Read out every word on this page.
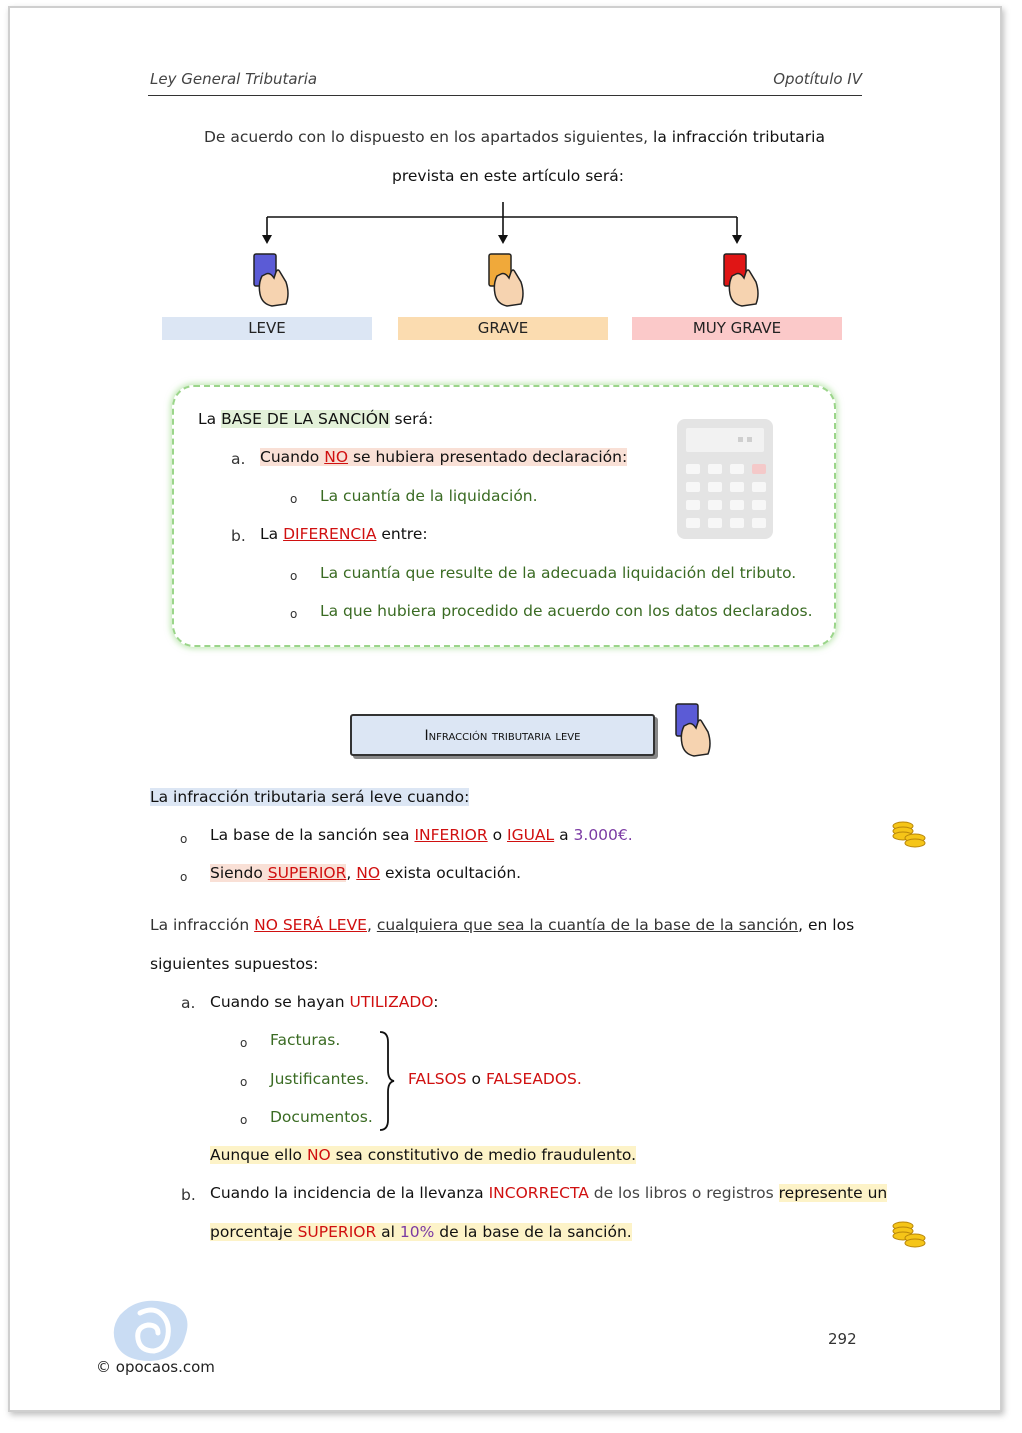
Ley General Tributaria	Opotítulo IV
De acuerdo con lo dispuesto en los apartados siguientes, la infracción tributaria
prevista en este artículo será:
LEVE	GRAVE	MUY GRAVE
La BASE DE LA SANCIÓN será:
a. Cuando NO se hubiera presentado declaración:
o La cuantía de la liquidación.
b. La DIFERENCIA entre:
o La cuantía que resulte de la adecuada liquidación del tributo.
o La que hubiera procedido de acuerdo con los datos declarados.
Infracción tributaria leve
La infracción tributaria será leve cuando:
o La base de la sanción sea INFERIOR o IGUAL a 3.000€.
o Siendo SUPERIOR, NO exista ocultación.
La infracción NO SERÁ LEVE, cualquiera que sea la cuantía de la base de la sanción, en los
siguientes supuestos:
a. Cuando se hayan UTILIZADO:
o Facturas.
o Justificantes.
o Documentos.
FALSOS o FALSEADOS.
Aunque ello NO sea constitutivo de medio fraudulento.
b. Cuando la incidencia de la llevanza INCORRECTA de los libros o registros represente un
porcentaje SUPERIOR al 10% de la base de la sanción.
© opocaos.com
292
